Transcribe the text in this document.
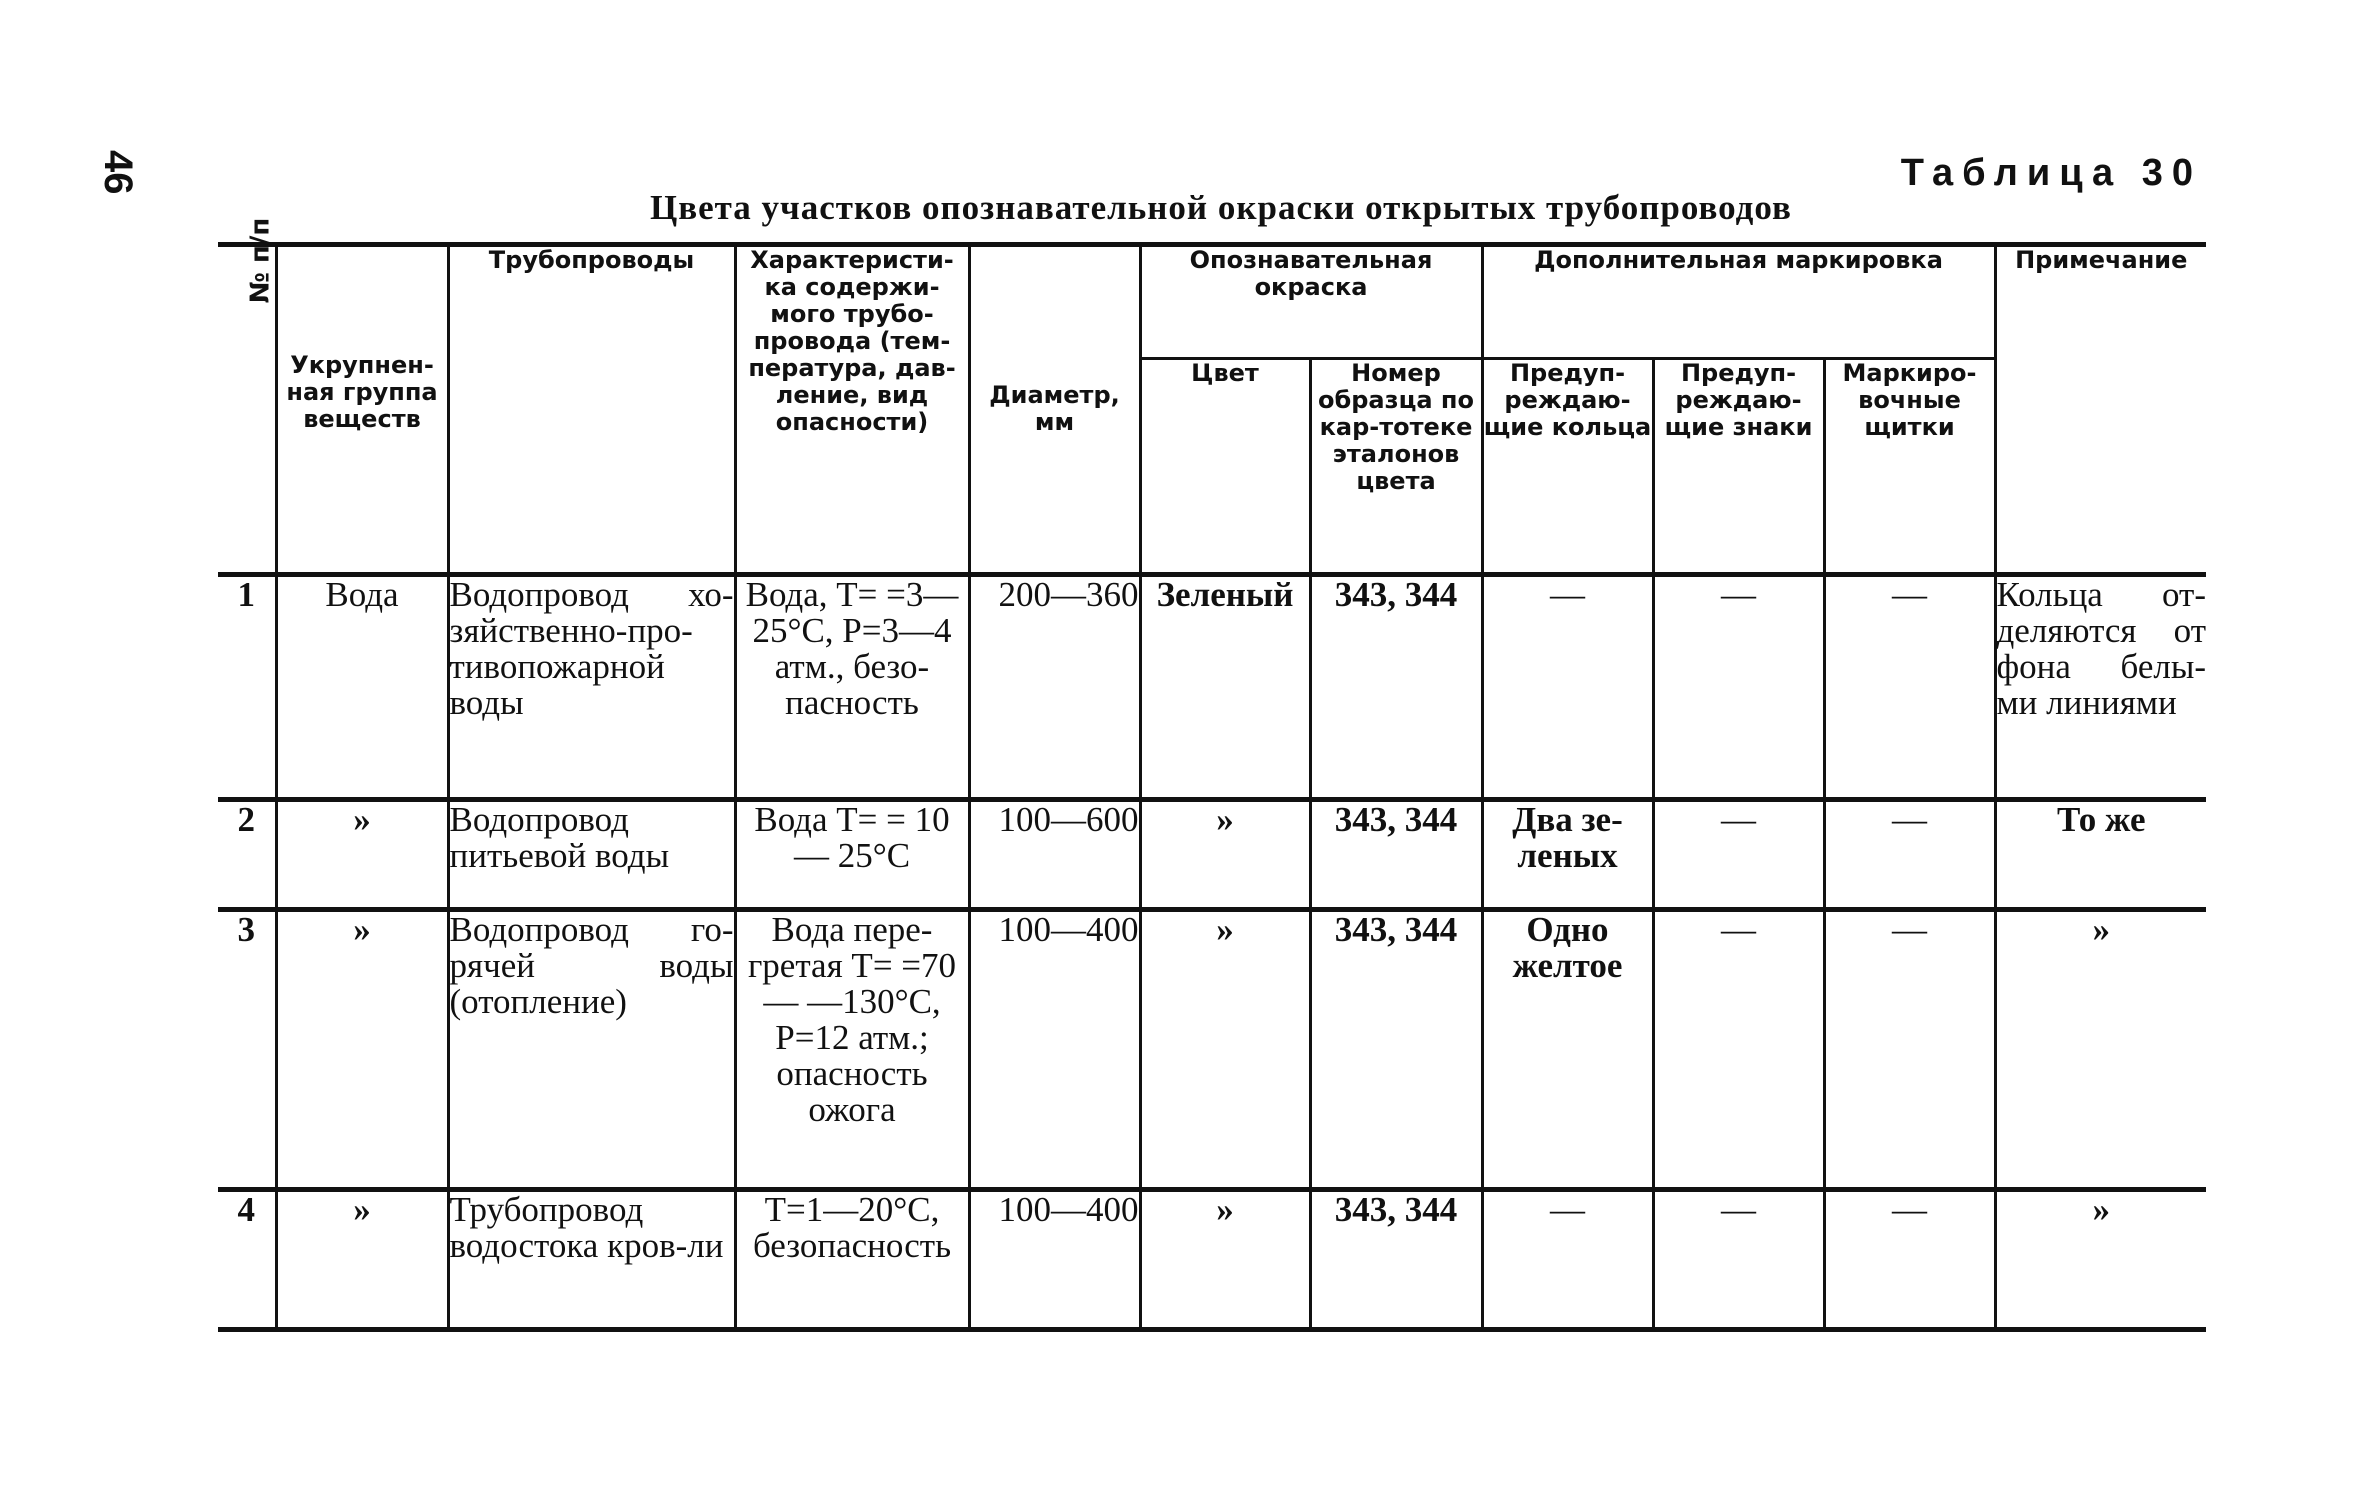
46	Таблица 30
Цвета участков опознавательной окраски открытых трубопроводов
№ п/п	Укрупнен-ная группа веществ	Трубопроводы	Характеристи-ка содержи-мого трубо-провода (тем-пература, дав-ление, вид опасности)	Диаметр, мм	Опознавательная окраска		Дополнительная маркировка			Примечание
					Цвет	Номер образца по кар-тотеке эталонов цвета	Предуп-реждаю-щие кольца	Предуп-реждаю-щие знаки	Маркиро-вочные щитки	
1	Вода	Водопровод хо-зяйственно-про-тивопожарной воды	Вода, T= =3—25°C, P=3—4 атм., безо-пасность	200—360	Зеленый	343, 344	—	—	—	Кольца от-деляются от фона белы-ми линиями
2	»	Водопровод питьевой воды	Вода T= = 10 — 25°C	100—600	»	343, 344	Два зе-леных	—	—	То же
3	»	Водопровод го-рячей воды (отопление)	Вода пере-гретая T= =70— —130°C, P=12 атм.; опасность ожога	100—400	»	343, 344	Одно желтое	—	—	»
4	»	Трубопровод водостока кров-ли	T=1—20°C, безопасность	100—400	»	343, 344	—	—	—	»
